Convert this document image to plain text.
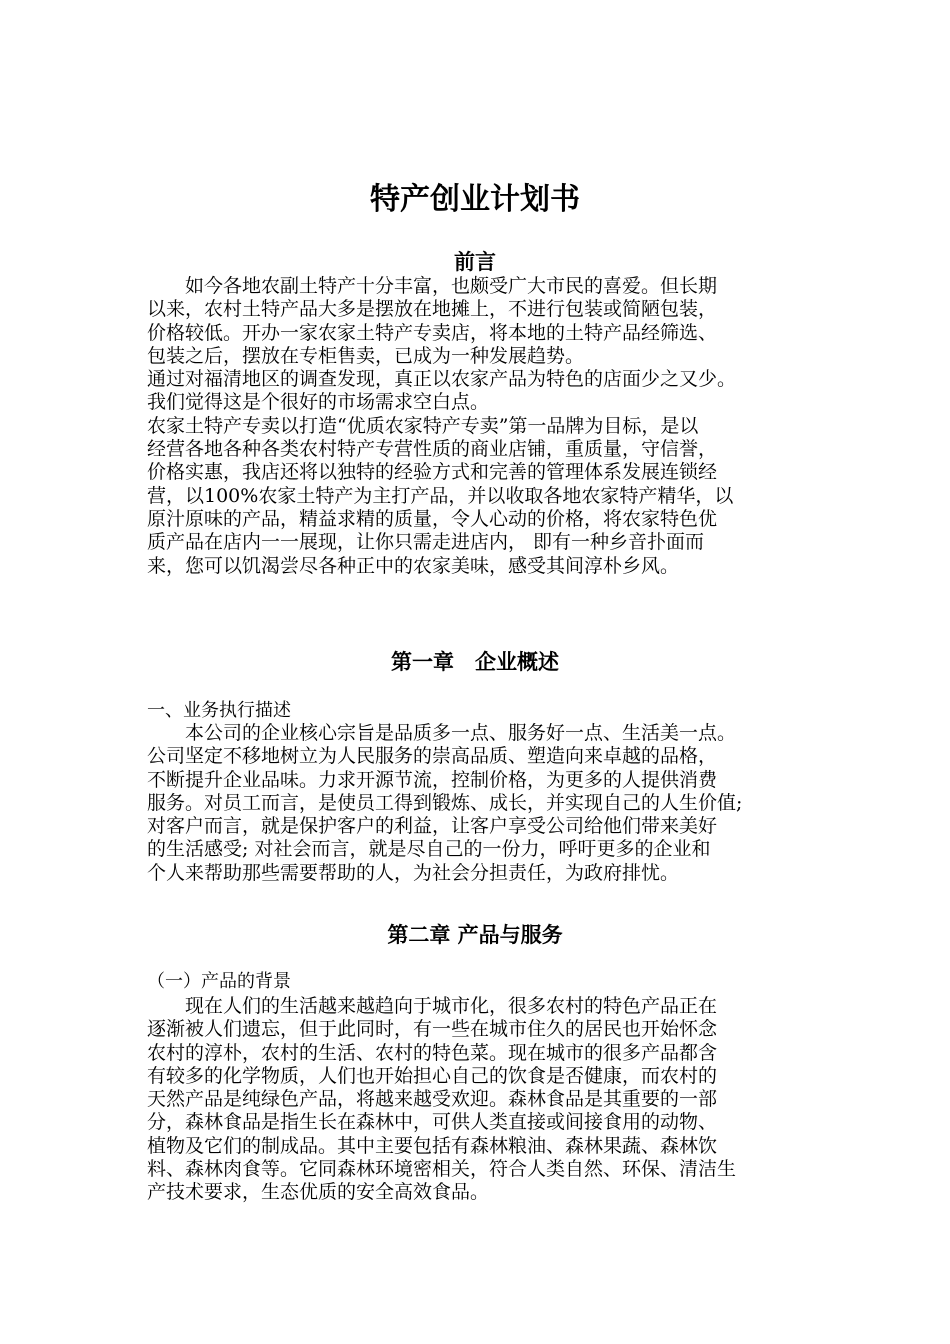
特产创业计划书
前言
如今各地农副土特产十分丰富，也颇受广大市民的喜爱。但长期
以来，农村土特产品大多是摆放在地摊上，不进行包装或简陋包装，
价格较低。开办一家农家土特产专卖店，将本地的土特产品经筛选、
包装之后，摆放在专柜售卖，已成为一种发展趋势。
通过对福清地区的调查发现，真正以农家产品为特色的店面少之又少。
我们觉得这是个很好的市场需求空白点。
农家土特产专卖以打造“优质农家特产专卖”第一品牌为目标，是以
经营各地各种各类农村特产专营性质的商业店铺，重质量，守信誉，
价格实惠，我店还将以独特的经验方式和完善的管理体系发展连锁经
营，以100%农家土特产为主打产品，并以收取各地农家特产精华，以
原汁原味的产品，精益求精的质量，令人心动的价格，将农家特色优
质产品在店内一一展现，让你只需走进店内， 即有一种乡音扑面而
来，您可以饥渴尝尽各种正中的农家美味，感受其间淳朴乡风。
第一章　企业概述
一、业务执行描述
本公司的企业核心宗旨是品质多一点、服务好一点、生活美一点。
公司坚定不移地树立为人民服务的崇高品质、塑造向来卓越的品格，
不断提升企业品味。力求开源节流，控制价格，为更多的人提供消费
服务。对员工而言，是使员工得到锻炼、成长，并实现自己的人生价值;
对客户而言，就是保护客户的利益，让客户享受公司给他们带来美好
的生活感受; 对社会而言，就是尽自己的一份力，呼吁更多的企业和
个人来帮助那些需要帮助的人，为社会分担责任，为政府排忧。
第二章 产品与服务
（一）产品的背景
现在人们的生活越来越趋向于城市化，很多农村的特色产品正在
逐渐被人们遗忘，但于此同时，有一些在城市住久的居民也开始怀念
农村的淳朴，农村的生活、农村的特色菜。现在城市的很多产品都含
有较多的化学物质，人们也开始担心自己的饮食是否健康，而农村的
天然产品是纯绿色产品，将越来越受欢迎。森林食品是其重要的一部
分，森林食品是指生长在森林中，可供人类直接或间接食用的动物、
植物及它们的制成品。其中主要包括有森林粮油、森林果蔬、森林饮
料、森林肉食等。它同森林环境密相关，符合人类自然、环保、清洁生
产技术要求，生态优质的安全高效食品。
